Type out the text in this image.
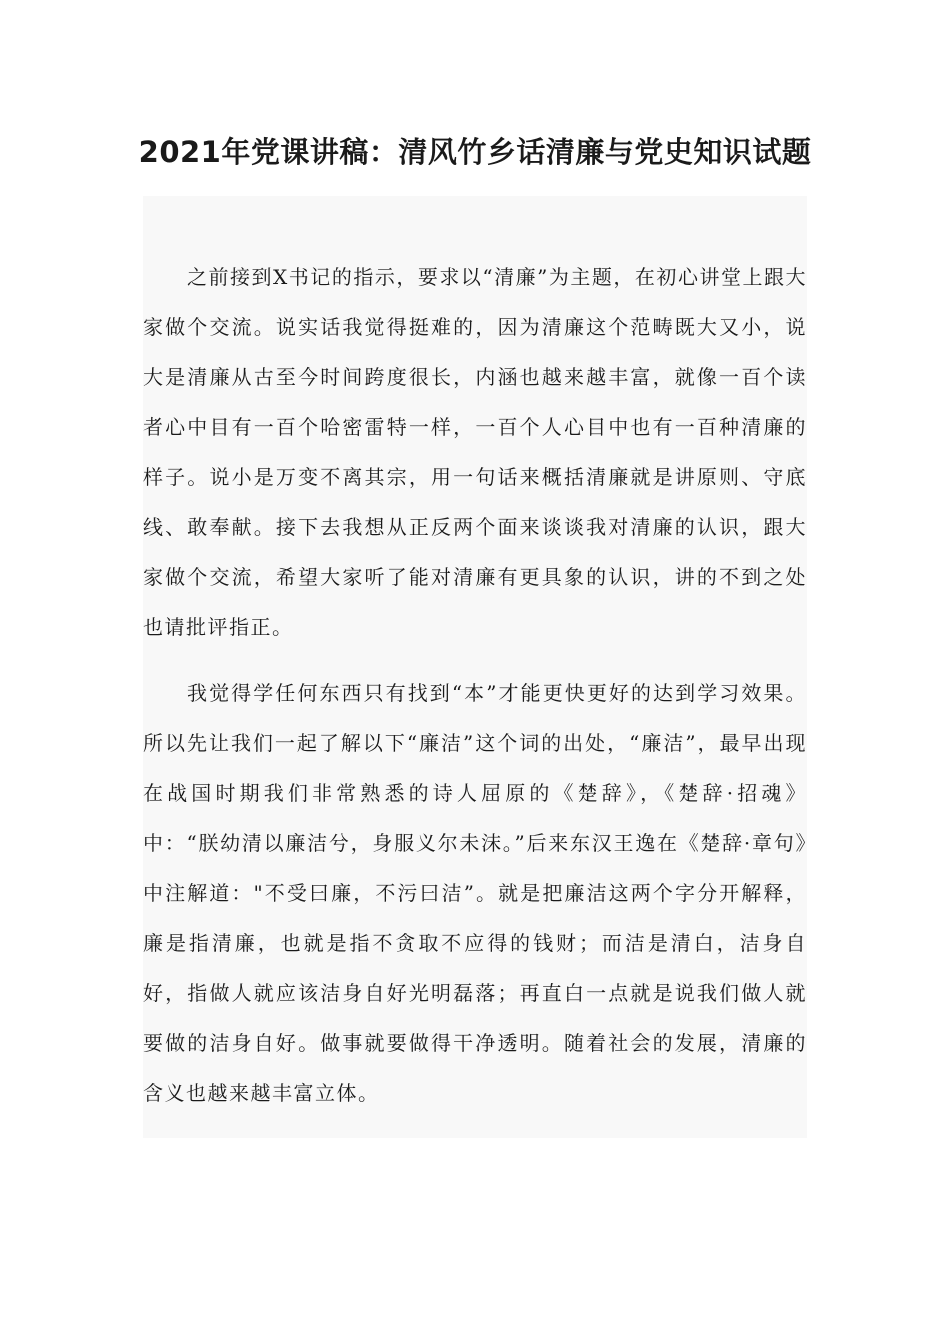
2021年党课讲稿：清风竹乡话清廉与党史知识试题

之前接到X书记的指示，要求以“清廉”为主题，在初心讲堂上跟大家做个交流。说实话我觉得挺难的，因为清廉这个范畴既大又小，说大是清廉从古至今时间跨度很长，内涵也越来越丰富，就像一百个读者心中目有一百个哈密雷特一样，一百个人心目中也有一百种清廉的样子。说小是万变不离其宗，用一句话来概括清廉就是讲原则、守底线、敢奉献。接下去我想从正反两个面来谈谈我对清廉的认识，跟大家做个交流，希望大家听了能对清廉有更具象的认识，讲的不到之处也请批评指正。

我觉得学任何东西只有找到“本”才能更快更好的达到学习效果。所以先让我们一起了解以下“廉洁”这个词的出处，“廉洁”，最早出现在战国时期我们非常熟悉的诗人屈原的《楚辞》，《楚辞·招魂》中：“朕幼清以廉洁兮，身服义尔未沫。”后来东汉王逸在《楚辞·章句》中注解道："不受曰廉，不污曰洁”。就是把廉洁这两个字分开解释，廉是指清廉，也就是指不贪取不应得的钱财；而洁是清白，洁身自好，指做人就应该洁身自好光明磊落；再直白一点就是说我们做人就要做的洁身自好。做事就要做得干净透明。随着社会的发展，清廉的含义也越来越丰富立体。
